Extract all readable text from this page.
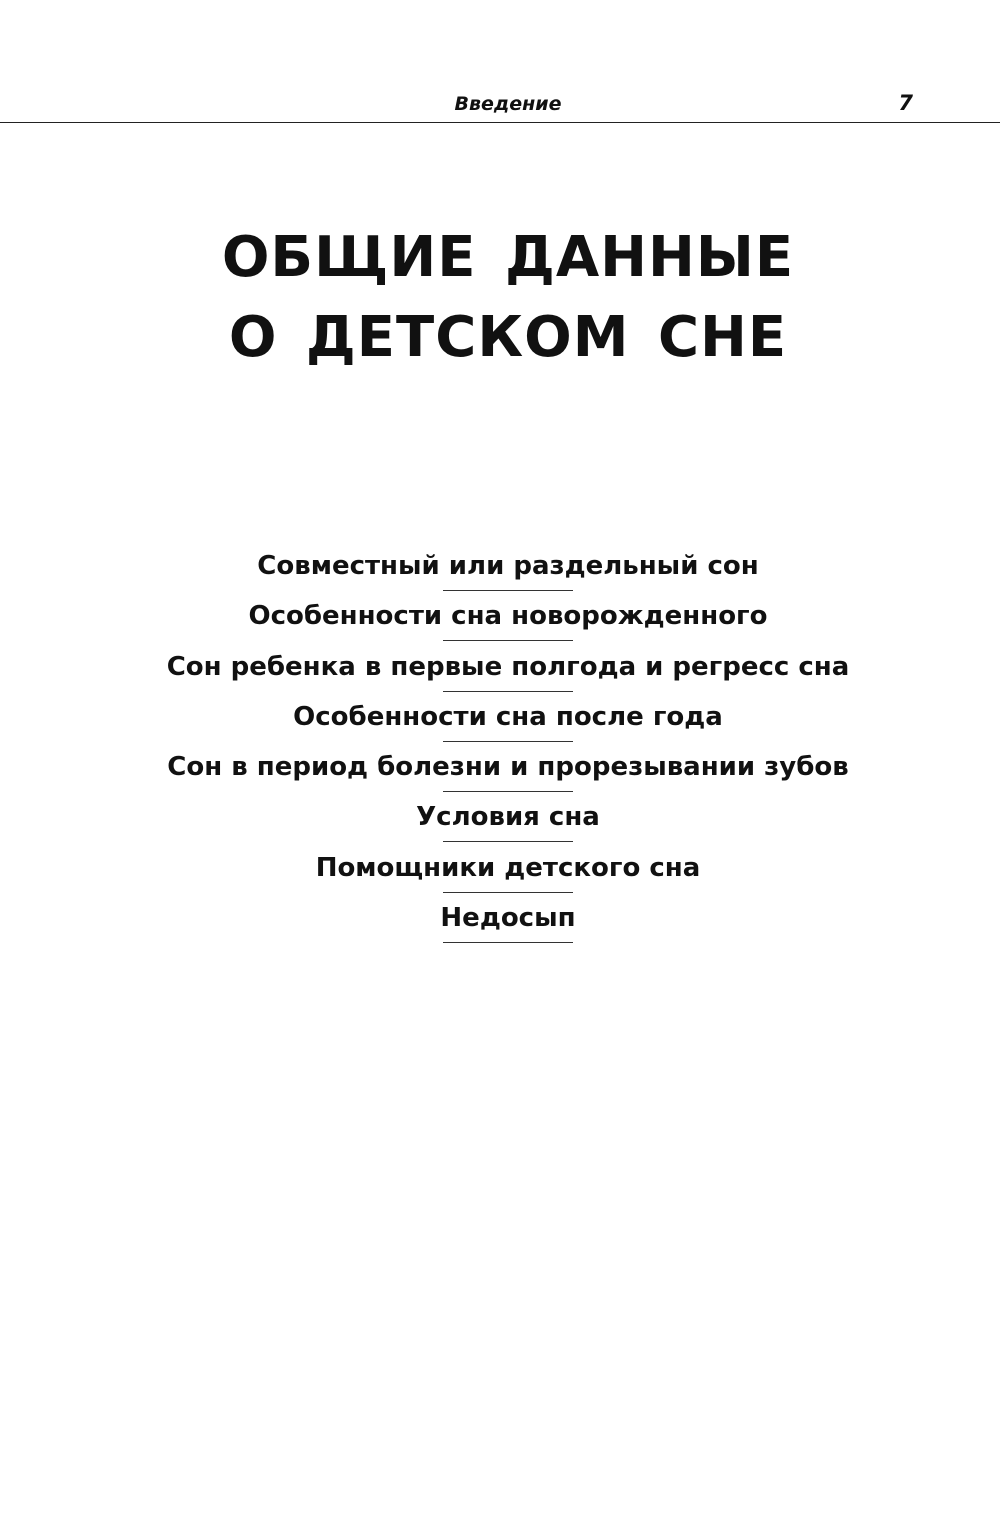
Введение	7
ОБЩИЕ ДАННЫЕ
О ДЕТСКОМ СНЕ
Совместный или раздельный сон
Особенности сна новорожденного
Сон ребенка в первые полгода и регресс сна
Особенности сна после года
Сон в период болезни и прорезывании зубов
Условия сна
Помощники детского сна
Недосып
